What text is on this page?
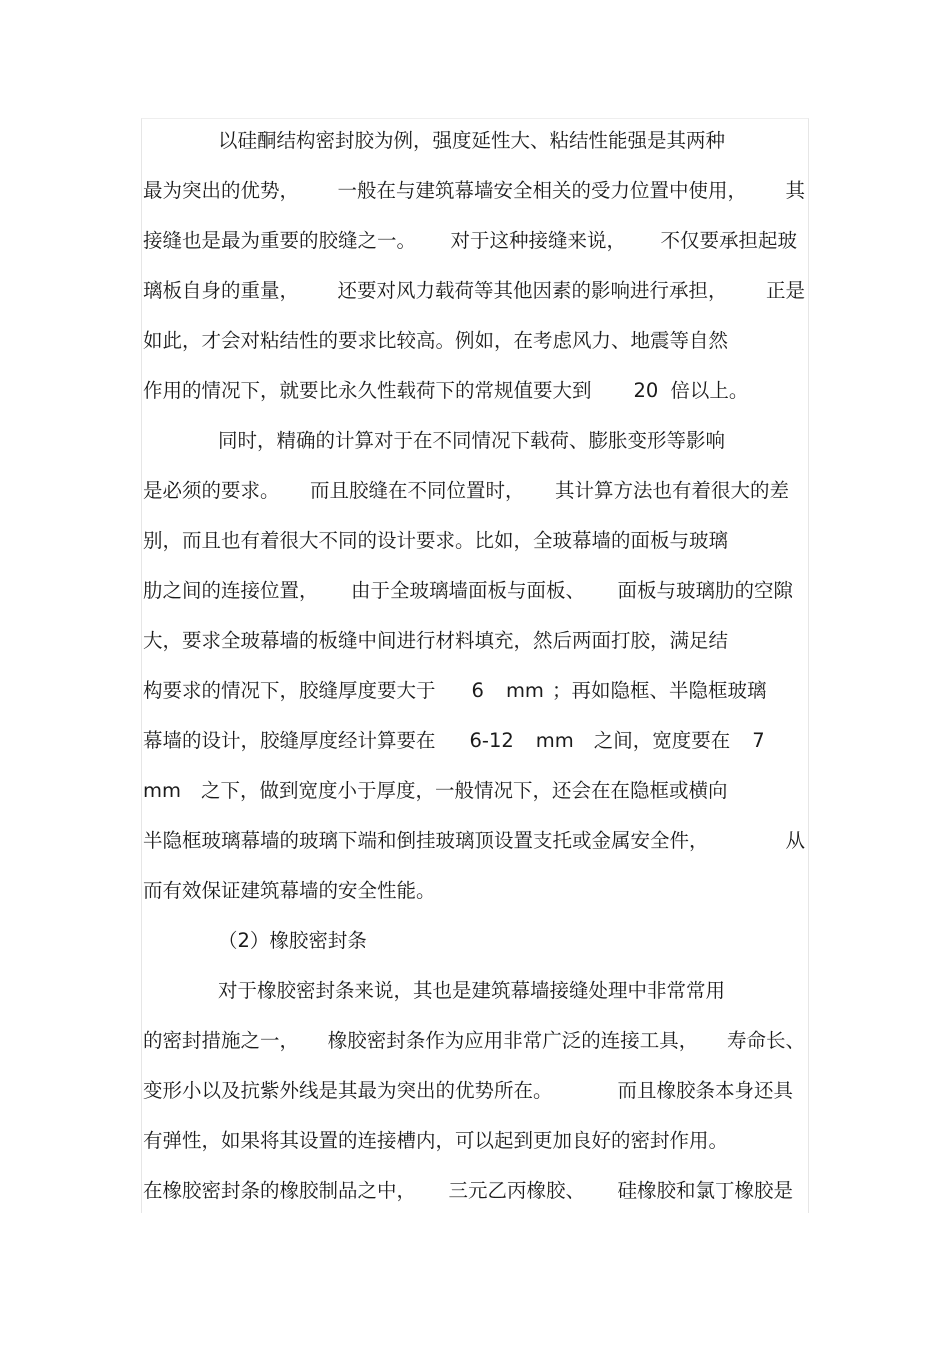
以硅酮结构密封胶为例，强度延性大、粘结性能强是其两种
最为突出的优势， 一般在与建筑幕墙安全相关的受力位置中使用， 其
接缝也是最为重要的胶缝之一。 对于这种接缝来说， 不仅要承担起玻
璃板自身的重量， 还要对风力载荷等其他因素的影响进行承担， 正是
如此，才会对粘结性的要求比较高。例如，在考虑风力、地震等自然
作用的情况下，就要比永久性载荷下的常规值要大到 20 倍以上。
同时，精确的计算对于在不同情况下载荷、膨胀变形等影响
是必须的要求。 而且胶缝在不同位置时， 其计算方法也有着很大的差
别，而且也有着很大不同的设计要求。比如，全玻幕墙的面板与玻璃
肋之间的连接位置， 由于全玻璃墙面板与面板、 面板与玻璃肋的空隙
大，要求全玻幕墙的板缝中间进行材料填充，然后两面打胶，满足结
构要求的情况下，胶缝厚度要大于 6 mm ；再如隐框、半隐框玻璃
幕墙的设计，胶缝厚度经计算要在 6-12 mm 之间，宽度要在 7
mm 之下，做到宽度小于厚度，一般情况下，还会在在隐框或横向
半隐框玻璃幕墙的玻璃下端和倒挂玻璃顶设置支托或金属安全件，	从
而有效保证建筑幕墙的安全性能。
（2）橡胶密封条
对于橡胶密封条来说，其也是建筑幕墙接缝处理中非常常用
的密封措施之一， 橡胶密封条作为应用非常广泛的连接工具， 寿命长、
变形小以及抗紫外线是其最为突出的优势所在。	而且橡胶条本身还具
有弹性，如果将其设置的连接槽内，可以起到更加良好的密封作用。
在橡胶密封条的橡胶制品之中， 三元乙丙橡胶、 硅橡胶和氯丁橡胶是
